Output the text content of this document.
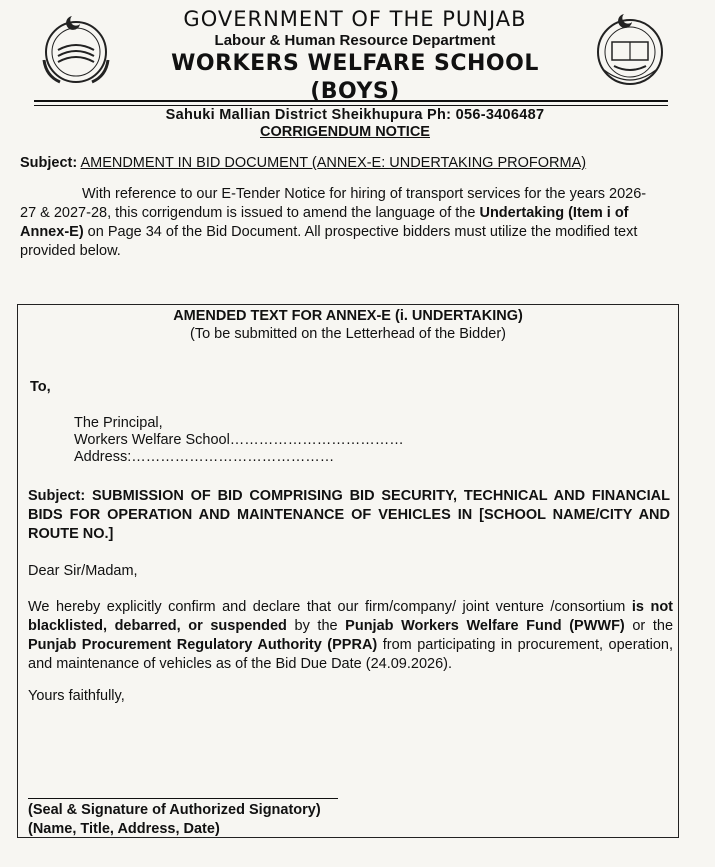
GOVERNMENT OF THE PUNJAB
Labour & Human Resource Department
WORKERS WELFARE SCHOOL (BOYS)
Sahuki Mallian District Sheikhupura Ph: 056-3406487
CORRIGENDUM NOTICE
Subject: AMENDMENT IN BID DOCUMENT (ANNEX-E: UNDERTAKING PROFORMA)

With reference to our E-Tender Notice for hiring of transport services for the years 2026-27 & 2027-28, this corrigendum is issued to amend the language of the Undertaking (Item i of Annex-E) on Page 34 of the Bid Document. All prospective bidders must utilize the modified text provided below.

AMENDED TEXT FOR ANNEX-E (i. UNDERTAKING)
(To be submitted on the Letterhead of the Bidder)
To,
The Principal,
Workers Welfare School………………………………
Address:……………………………………
Subject: SUBMISSION OF BID COMPRISING BID SECURITY, TECHNICAL AND FINANCIAL BIDS FOR OPERATION AND MAINTENANCE OF VEHICLES IN [SCHOOL NAME/CITY AND ROUTE NO.]
Dear Sir/Madam,
We hereby explicitly confirm and declare that our firm/company/ joint venture /consortium is not blacklisted, debarred, or suspended by the Punjab Workers Welfare Fund (PWWF) or the Punjab Procurement Regulatory Authority (PPRA) from participating in procurement, operation, and maintenance of vehicles as of the Bid Due Date (24.09.2026).
Yours faithfully,
(Seal & Signature of Authorized Signatory)
(Name, Title, Address, Date)
